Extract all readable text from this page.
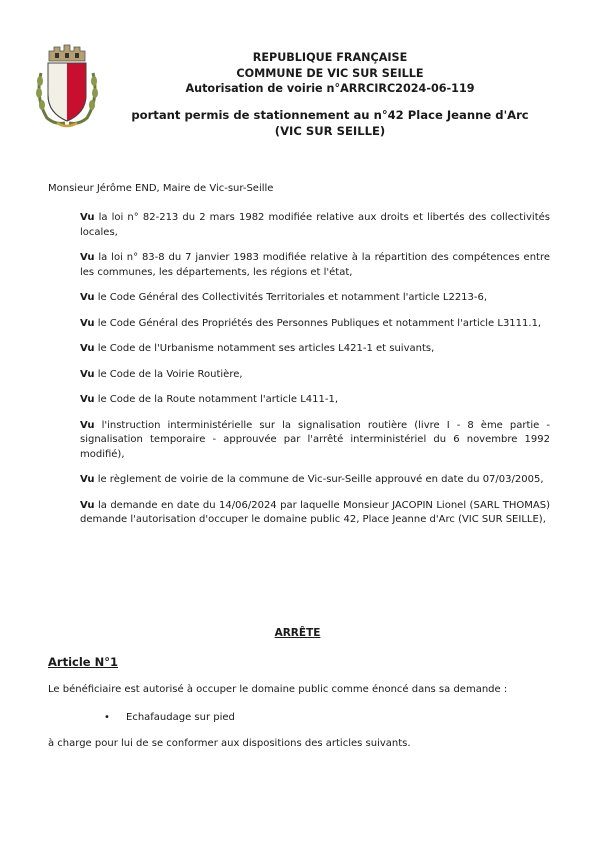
REPUBLIQUE FRANÇAISE
COMMUNE DE VIC SUR SEILLE
Autorisation de voirie n°ARRCIRC2024-06-119
portant permis de stationnement au n°42 Place Jeanne d'Arc
(VIC SUR SEILLE)
Monsieur Jérôme END, Maire de Vic-sur-Seille
Vu la loi n° 82-213 du 2 mars 1982 modifiée relative aux droits et libertés des collectivités locales,
Vu la loi n° 83-8 du 7 janvier 1983 modifiée relative à la répartition des compétences entre les communes, les départements, les régions et l'état,
Vu le Code Général des Collectivités Territoriales et notamment l'article L2213-6,
Vu le Code Général des Propriétés des Personnes Publiques et notamment l'article L3111.1,
Vu le Code de l'Urbanisme notamment ses articles L421-1 et suivants,
Vu le Code de la Voirie Routière,
Vu le Code de la Route notamment l'article L411-1,
Vu l'instruction interministérielle sur la signalisation routière (livre I - 8 ème partie - signalisation temporaire - approuvée par l'arrêté interministériel du 6 novembre 1992 modifié),
Vu le règlement de voirie de la commune de Vic-sur-Seille approuvé en date du 07/03/2005,
Vu la demande en date du 14/06/2024 par laquelle Monsieur JACOPIN Lionel (SARL THOMAS) demande l'autorisation d'occuper le domaine public 42, Place Jeanne d'Arc (VIC SUR SEILLE),
ARRÊTE
Article N°1
Le bénéficiaire est autorisé à occuper le domaine public comme énoncé dans sa demande :
• Echafaudage sur pied
à charge pour lui de se conformer aux dispositions des articles suivants.
